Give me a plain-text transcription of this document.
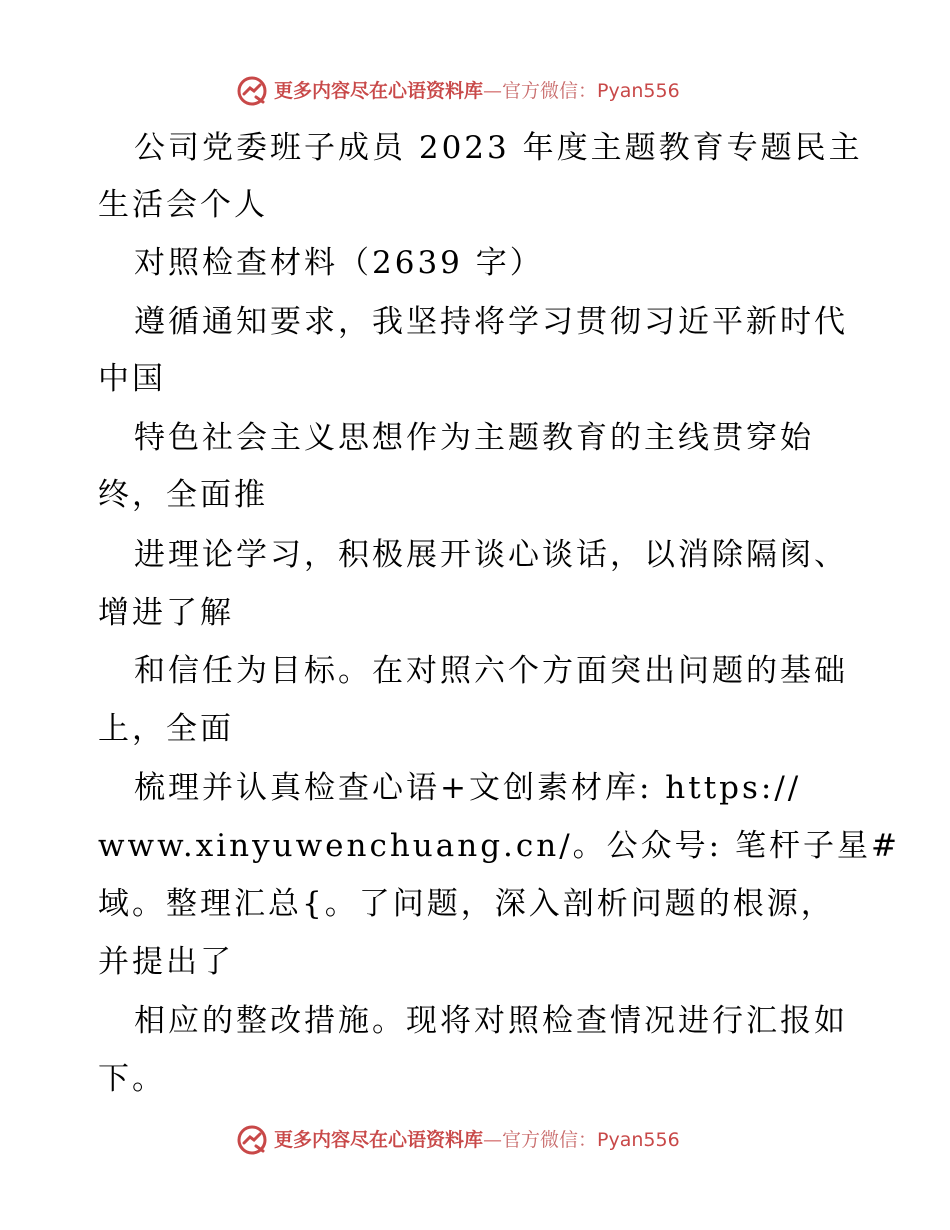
更多内容尽在心语资料库—官方微信：Pyan556
公司党委班子成员 2023 年度主题教育专题民主
生活会个人
对照检查材料（2639 字）
遵循通知要求，我坚持将学习贯彻习近平新时代
中国
特色社会主义思想作为主题教育的主线贯穿始
终，全面推
进理论学习，积极展开谈心谈话，以消除隔阂、
增进了解
和信任为目标。在对照六个方面突出问题的基础
上，全面
梳理并认真检查心语+文创素材库: https://
www.xinyuwenchuang.cn/。公众号: 笔杆子星#
域。整理汇总{。了问题，深入剖析问题的根源，
并提出了
相应的整改措施。现将对照检查情况进行汇报如
下。
更多内容尽在心语资料库—官方微信：Pyan556
